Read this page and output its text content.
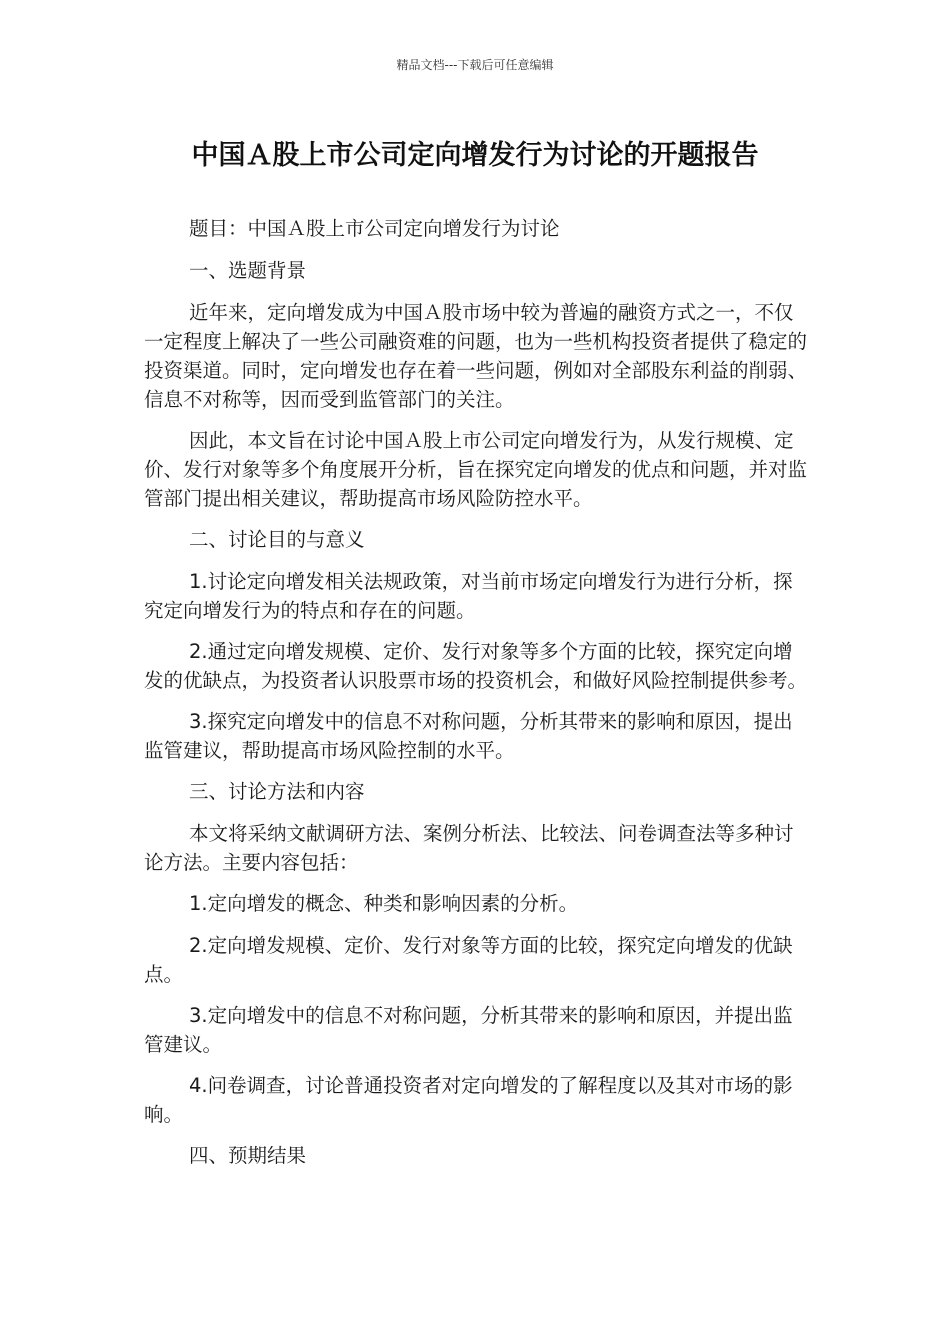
精品文档---下载后可任意编辑
中国Ａ股上市公司定向增发行为讨论的开题报告

题目：中国Ａ股上市公司定向增发行为讨论

一、选题背景

近年来，定向增发成为中国Ａ股市场中较为普遍的融资方式之一，不仅一定程度上解决了一些公司融资难的问题，也为一些机构投资者提供了稳定的投资渠道。同时，定向增发也存在着一些问题，例如对全部股东利益的削弱、信息不对称等，因而受到监管部门的关注。

因此，本文旨在讨论中国Ａ股上市公司定向增发行为，从发行规模、定价、发行对象等多个角度展开分析，旨在探究定向增发的优点和问题，并对监管部门提出相关建议，帮助提高市场风险防控水平。

二、讨论目的与意义

1.讨论定向增发相关法规政策，对当前市场定向增发行为进行分析，探究定向增发行为的特点和存在的问题。

2.通过定向增发规模、定价、发行对象等多个方面的比较，探究定向增发的优缺点，为投资者认识股票市场的投资机会，和做好风险控制提供参考。

3.探究定向增发中的信息不对称问题，分析其带来的影响和原因，提出监管建议，帮助提高市场风险控制的水平。

三、讨论方法和内容

本文将采纳文献调研方法、案例分析法、比较法、问卷调查法等多种讨论方法。主要内容包括：

1.定向增发的概念、种类和影响因素的分析。

2.定向增发规模、定价、发行对象等方面的比较，探究定向增发的优缺点。

3.定向增发中的信息不对称问题，分析其带来的影响和原因，并提出监管建议。

4.问卷调查，讨论普通投资者对定向增发的了解程度以及其对市场的影响。

四、预期结果
